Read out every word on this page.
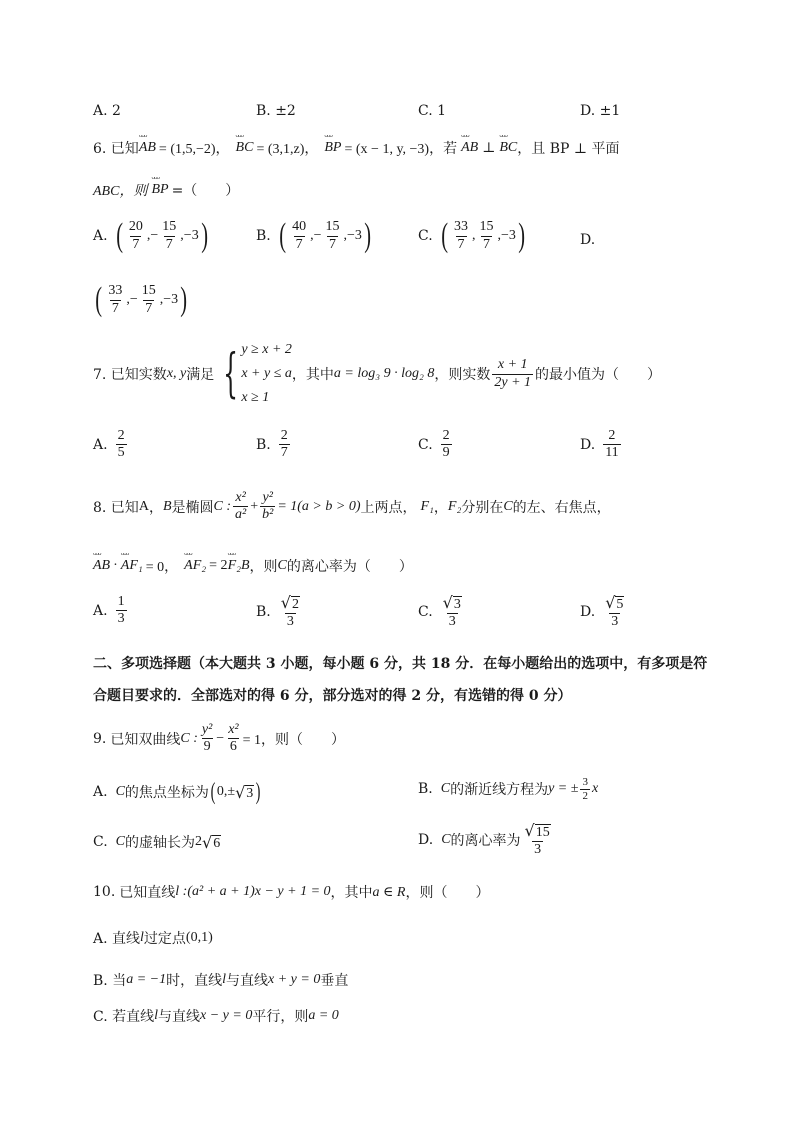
A. 2	B. ±2	C. 1	D. ±1
6. 已知 ᴗᴗᴗ AB = (1,5,−2)， ᴗᴗᴗ BC = (3,1,z)， ᴗᴗᴗ BP = (x − 1, y, −3)，若 ᴗᴗᴗ AB ⊥ ᴗᴗᴗ BC ，且 BP ⊥ 平面
ABC，则 ᴗᴗᴗ BP =（　　）
A. ( $\frac{20}{7}$ ,− $\frac{15}{7} ,-3$ )	B. ( $\frac{40}{7}$ ,− $\frac{15}{7} ,-3$ )	C. ( $\frac{33}{7}$ , $\frac{15}{7} ,-3$ )	D.
( $\frac{33}{7}$ ,− $\frac{15}{7} ,-3$ )
7. 已知实数 x, y 满足 { y ≥ x + 2
x + y ≤ a
x ≥ 1
，其中 a = log₃ 9 · log₂ 8 ，则实数 $\frac{x + 1}{2y + 1}$ 的最小值为（　　）
A. $\frac{2}{5}$	B. $\frac{2}{7}$	C. $\frac{2}{9}$	D. $\frac{2}{11}$
8. 已知 A ， B 是椭圆 C : $\frac{\text{x²}}{\text{a²}} + \frac{\text{y²}}{\text{b²}} = 1(a > b > 0)$ 上两点， F₁ ， F₂ 分别在 C 的左、右焦点，
ᴗᴗᴗ AB · ᴗᴗᴗ AF₁ = 0， ᴗᴗᴗ AF₂ = 2 ᴗᴗᴗ F₂B ，则 C 的离心率为（　　）
A. $\frac{1}{3}$	B. $\frac{√ 2}{3}$	C. $\frac{√ 3}{3}$	D. $\frac{√ 5}{3}$
二、多项选择题（本大题共 3 小题，每小题 6 分，共 18 分．在每小题给出的选项中，有多项是符
合题目要求的．全部选对的得 6 分，部分选对的得 2 分，有选错的得 0 分）
9 . 已知双曲线 C : $\frac{\text{y²}}{9} - \frac{\text{x²}}{6} = 1$，则（　　）
A. C 的焦点坐标为 ( 0,± √ 3 )	B. C 的渐近线方程为 y = ± $\frac{3}{2}$ x
C. C 的虚轴长为 2 √ 6	D. C 的离心率为 $\frac{√ 15}{3}$
10 . 已知直线 l : (a² + a + 1)x − y + 1 = 0 ，其中 a ∈ R ，则（　　）
A. 直线 l 过定点 (0,1)
B. 当 a = −1 时，直线 l 与直线 x + y = 0 垂直
C. 若直线 l 与直线 x − y = 0 平行，则 a = 0
